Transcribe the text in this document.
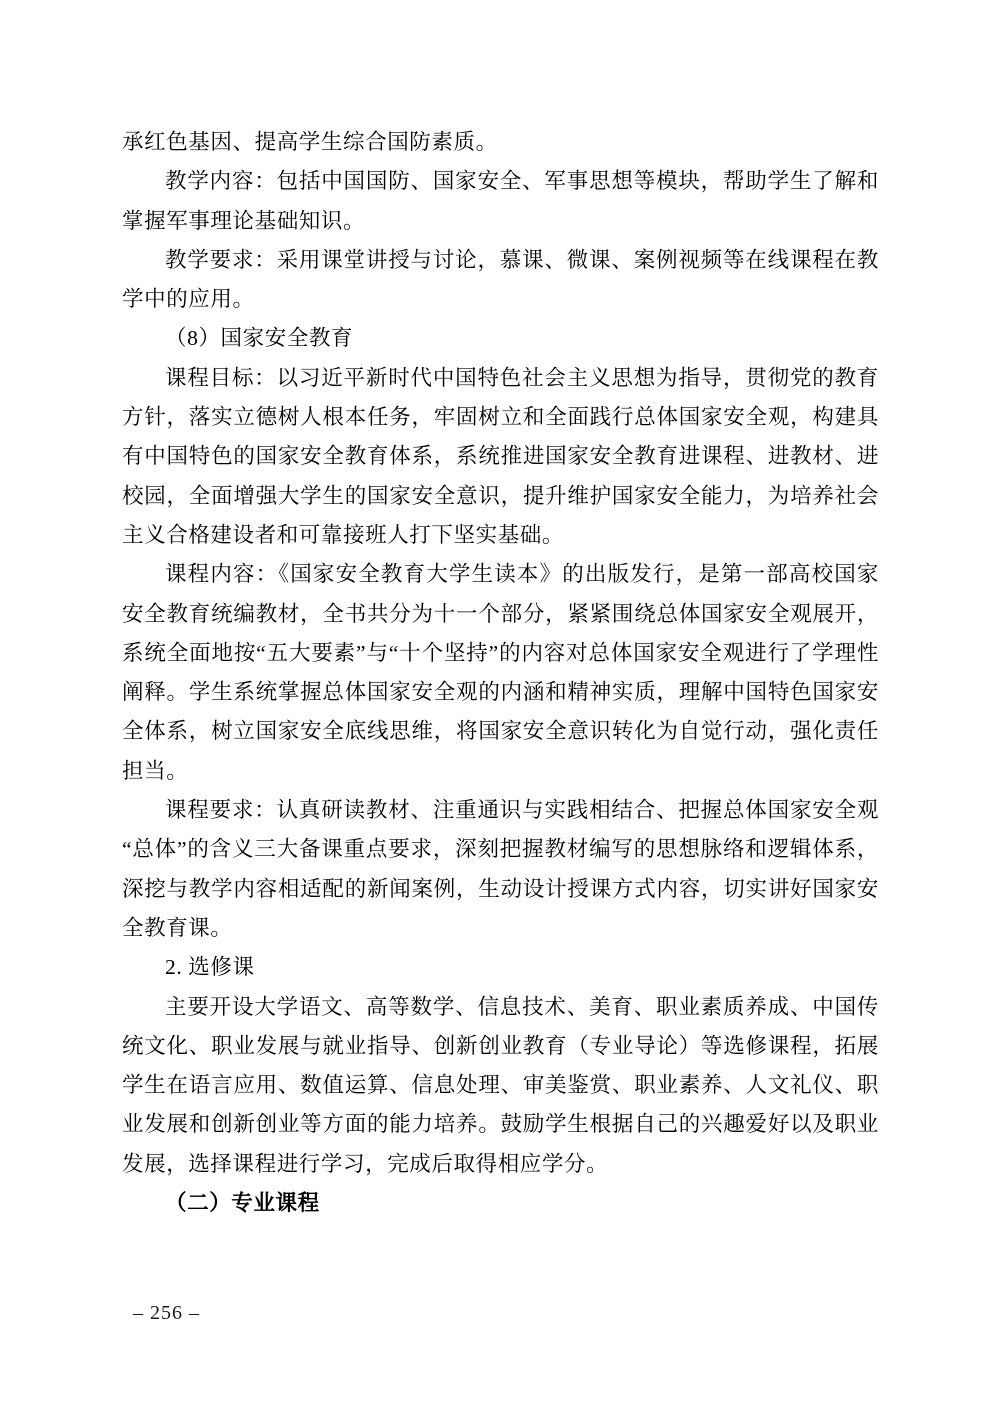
承红色基因、提高学生综合国防素质。

教学内容：包括中国国防、国家安全、军事思想等模块，帮助学生了解和掌握军事理论基础知识。

教学要求：采用课堂讲授与讨论，慕课、微课、案例视频等在线课程在教学中的应用。

（8）国家安全教育

课程目标：以习近平新时代中国特色社会主义思想为指导，贯彻党的教育方针，落实立德树人根本任务，牢固树立和全面践行总体国家安全观，构建具有中国特色的国家安全教育体系，系统推进国家安全教育进课程、进教材、进校园，全面增强大学生的国家安全意识，提升维护国家安全能力，为培养社会主义合格建设者和可靠接班人打下坚实基础。

课程内容：《国家安全教育大学生读本》的出版发行，是第一部高校国家安全教育统编教材，全书共分为十一个部分，紧紧围绕总体国家安全观展开，系统全面地按“五大要素”与“十个坚持”的内容对总体国家安全观进行了学理性阐释。学生系统掌握总体国家安全观的内涵和精神实质，理解中国特色国家安全体系，树立国家安全底线思维，将国家安全意识转化为自觉行动，强化责任担当。

课程要求：认真研读教材、注重通识与实践相结合、把握总体国家安全观“总体”的含义三大备课重点要求，深刻把握教材编写的思想脉络和逻辑体系，深挖与教学内容相适配的新闻案例，生动设计授课方式内容，切实讲好国家安全教育课。

2. 选修课

主要开设大学语文、高等数学、信息技术、美育、职业素质养成、中国传统文化、职业发展与就业指导、创新创业教育（专业导论）等选修课程，拓展学生在语言应用、数值运算、信息处理、审美鉴赏、职业素养、人文礼仪、职业发展和创新创业等方面的能力培养。鼓励学生根据自己的兴趣爱好以及职业发展，选择课程进行学习，完成后取得相应学分。

（二）专业课程

– 256 –
